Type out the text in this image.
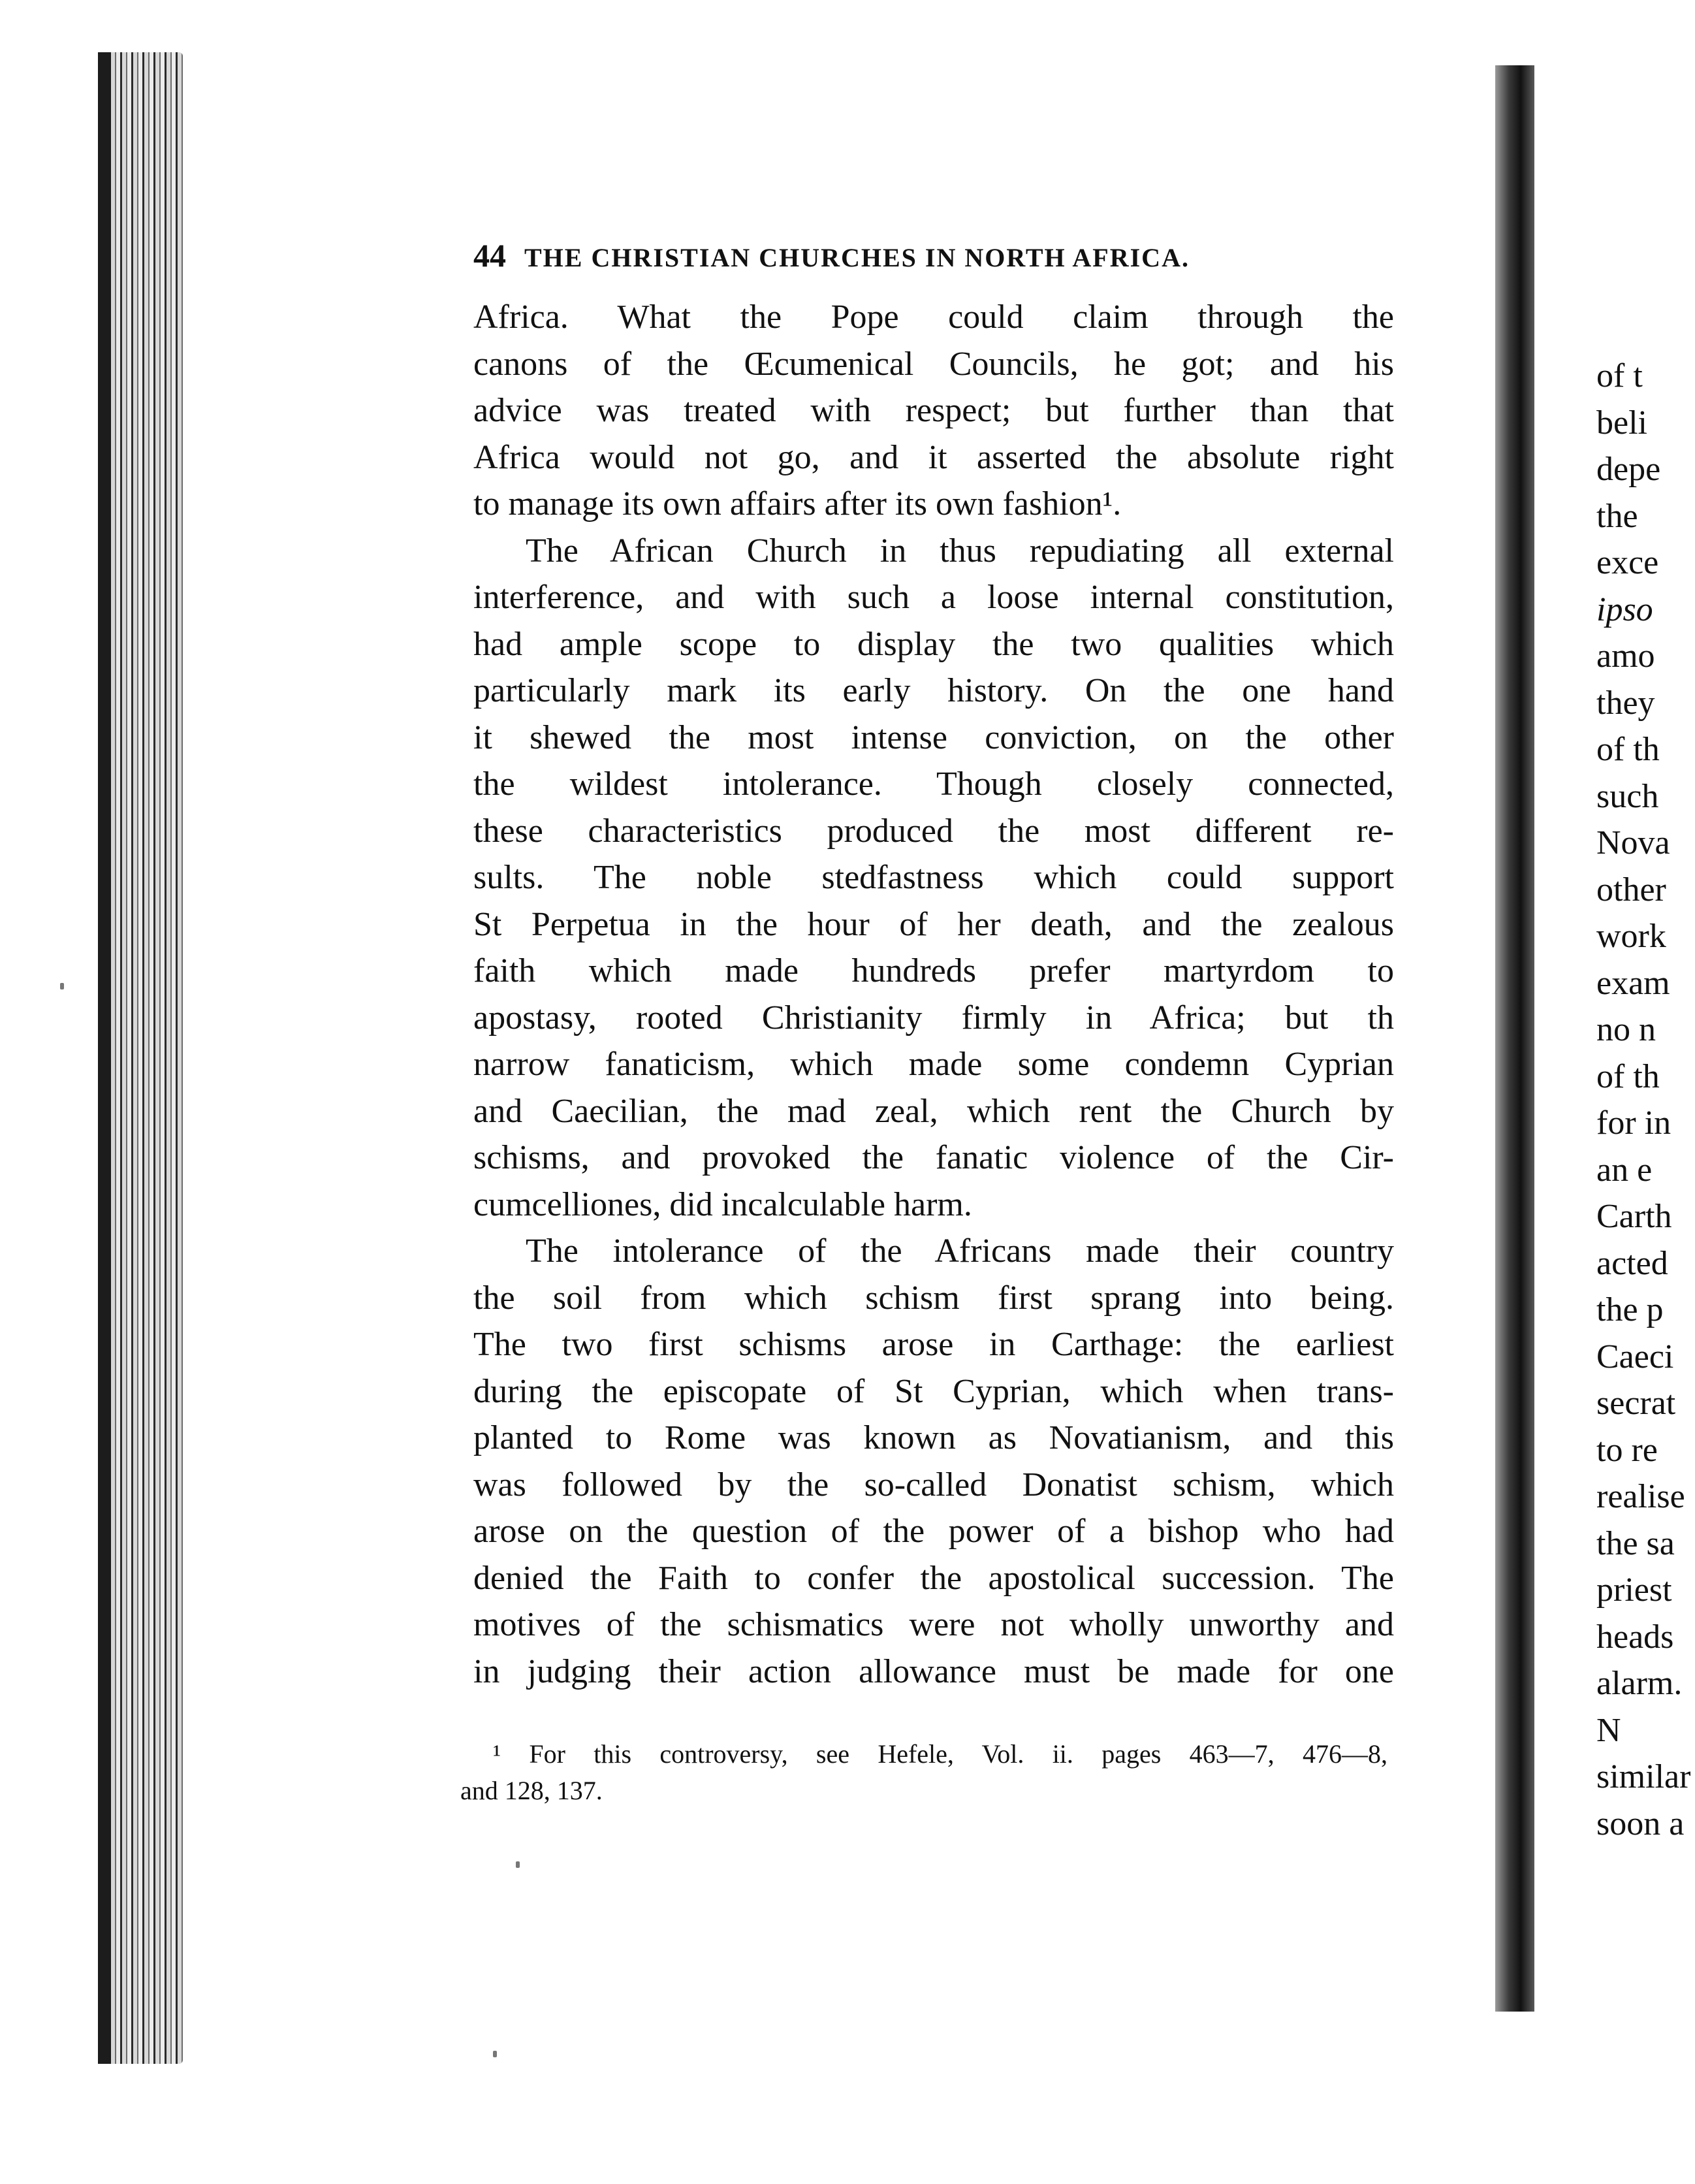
of t
beli
depe
the
exce
ipso
amo
they
of th
such
Nova
other
work
exam
no n
of th
for in
an e
Carth
acted
the p
Caeci
secrat
to re
realise
the sa
priest
heads
alarm.
N
similar
soon a
44 THE CHRISTIAN CHURCHES IN NORTH AFRICA.
Africa. What the Pope could claim through the
canons of the Œcumenical Councils, he got; and his
advice was treated with respect; but further than that
Africa would not go, and it asserted the absolute right
to manage its own affairs after its own fashion¹.
The African Church in thus repudiating all external
interference, and with such a loose internal constitution,
had ample scope to display the two qualities which
particularly mark its early history. On the one hand
it shewed the most intense conviction, on the other
the wildest intolerance. Though closely connected,
these characteristics produced the most different re-
sults. The noble stedfastness which could support
St Perpetua in the hour of her death, and the zealous
faith which made hundreds prefer martyrdom to
apostasy, rooted Christianity firmly in Africa; but th
narrow fanaticism, which made some condemn Cyprian
and Caecilian, the mad zeal, which rent the Church by
schisms, and provoked the fanatic violence of the Cir-
cumcelliones, did incalculable harm.
The intolerance of the Africans made their country
the soil from which schism first sprang into being.
The two first schisms arose in Carthage: the earliest
during the episcopate of St Cyprian, which when trans-
planted to Rome was known as Novatianism, and this
was followed by the so-called Donatist schism, which
arose on the question of the power of a bishop who had
denied the Faith to confer the apostolical succession. The
motives of the schismatics were not wholly unworthy and
in judging their action allowance must be made for one
¹ For this controversy, see Hefele, Vol. ii. pages 463—7, 476—8,
and 128, 137.
